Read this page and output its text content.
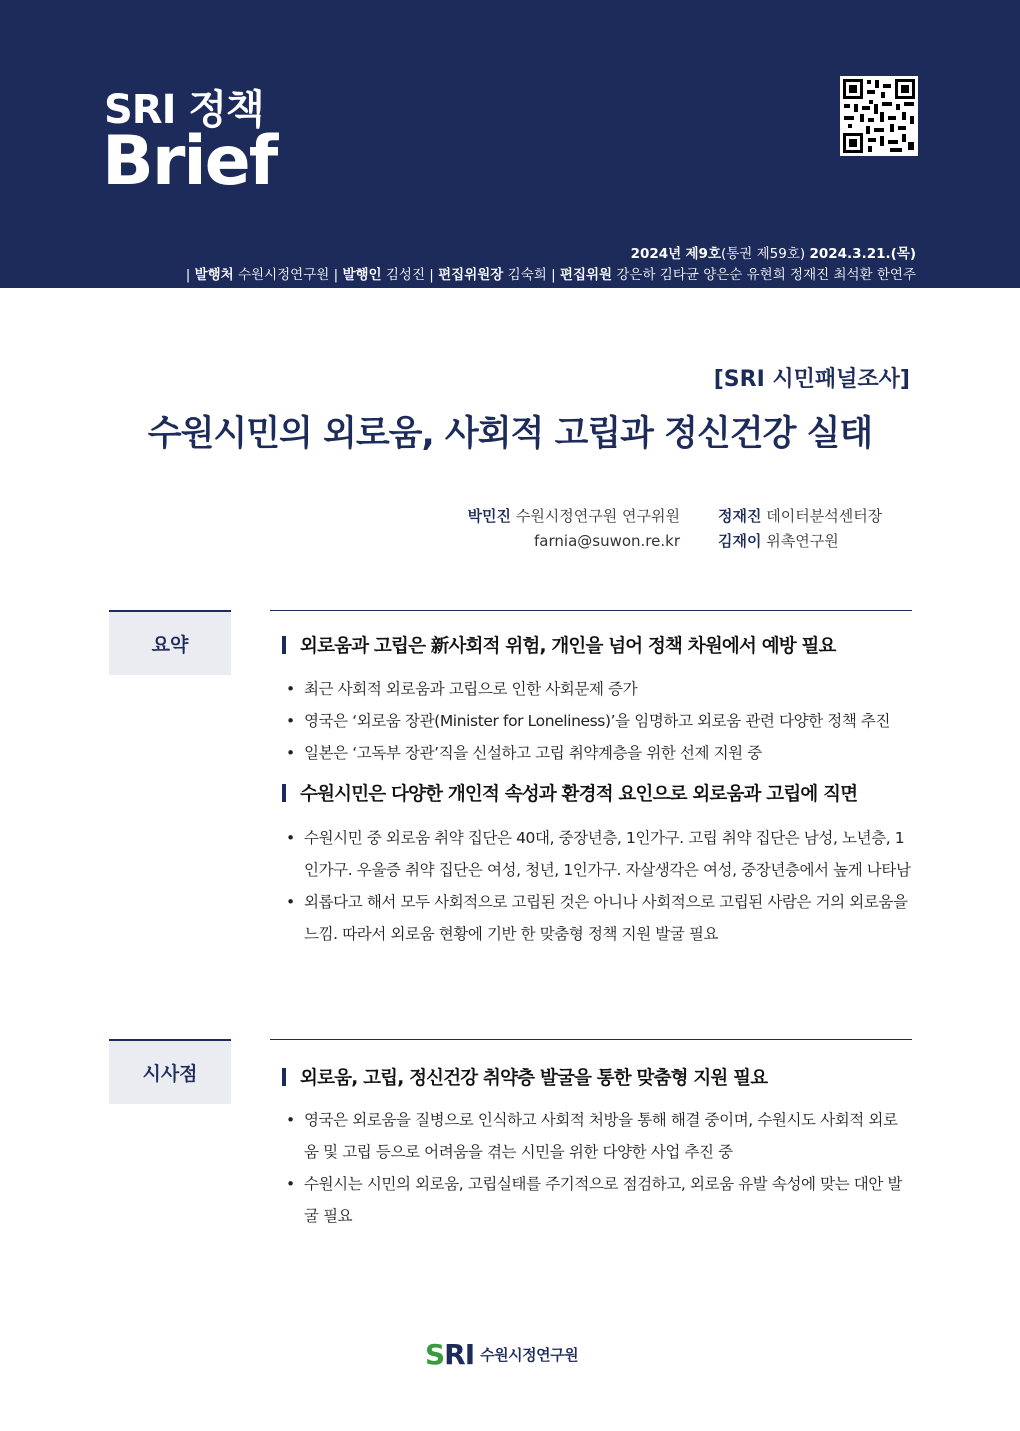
SRI 정책
Brief
2024년 제9호(통권 제59호) 2024.3.21.(목)
| 발행처 수원시정연구원 | 발행인 김성진 | 편집위원장 김숙희 | 편집위원 강은하 김타균 양은순 유현희 정재진 최석환 한연주
[SRI 시민패널조사]
수원시민의 외로움, 사회적 고립과 정신건강 실태
박민진 수원시정연구원 연구위원
farnia@suwon.re.kr
정재진 데이터분석센터장
김재이 위촉연구원
요약	외로움과 고립은 新사회적 위험, 개인을 넘어 정책 차원에서 예방 필요
• 최근 사회적 외로움과 고립으로 인한 사회문제 증가
• 영국은 ‘외로움 장관(Minister for Loneliness)’을 임명하고 외로움 관련 다양한 정책 추진
• 일본은 ‘고독부 장관’직을 신설하고 고립 취약계층을 위한 선제 지원 중
수원시민은 다양한 개인적 속성과 환경적 요인으로 외로움과 고립에 직면
• 수원시민 중 외로움 취약 집단은 40대, 중장년층, 1인가구. 고립 취약 집단은 남성, 노년층, 1인가구. 우울증 취약 집단은 여성, 청년, 1인가구. 자살생각은 여성, 중장년층에서 높게 나타남
• 외롭다고 해서 모두 사회적으로 고립된 것은 아니나 사회적으로 고립된 사람은 거의 외로움을 느낌. 따라서 외로움 현황에 기반 한 맞춤형 정책 지원 발굴 필요
시사점	외로움, 고립, 정신건강 취약층 발굴을 통한 맞춤형 지원 필요
• 영국은 외로움을 질병으로 인식하고 사회적 처방을 통해 해결 중이며, 수원시도 사회적 외로움 및 고립 등으로 어려움을 겪는 시민을 위한 다양한 사업 추진 중
• 수원시는 시민의 외로움, 고립실태를 주기적으로 점검하고, 외로움 유발 속성에 맞는 대안 발굴 필요
SRI 수원시정연구원
